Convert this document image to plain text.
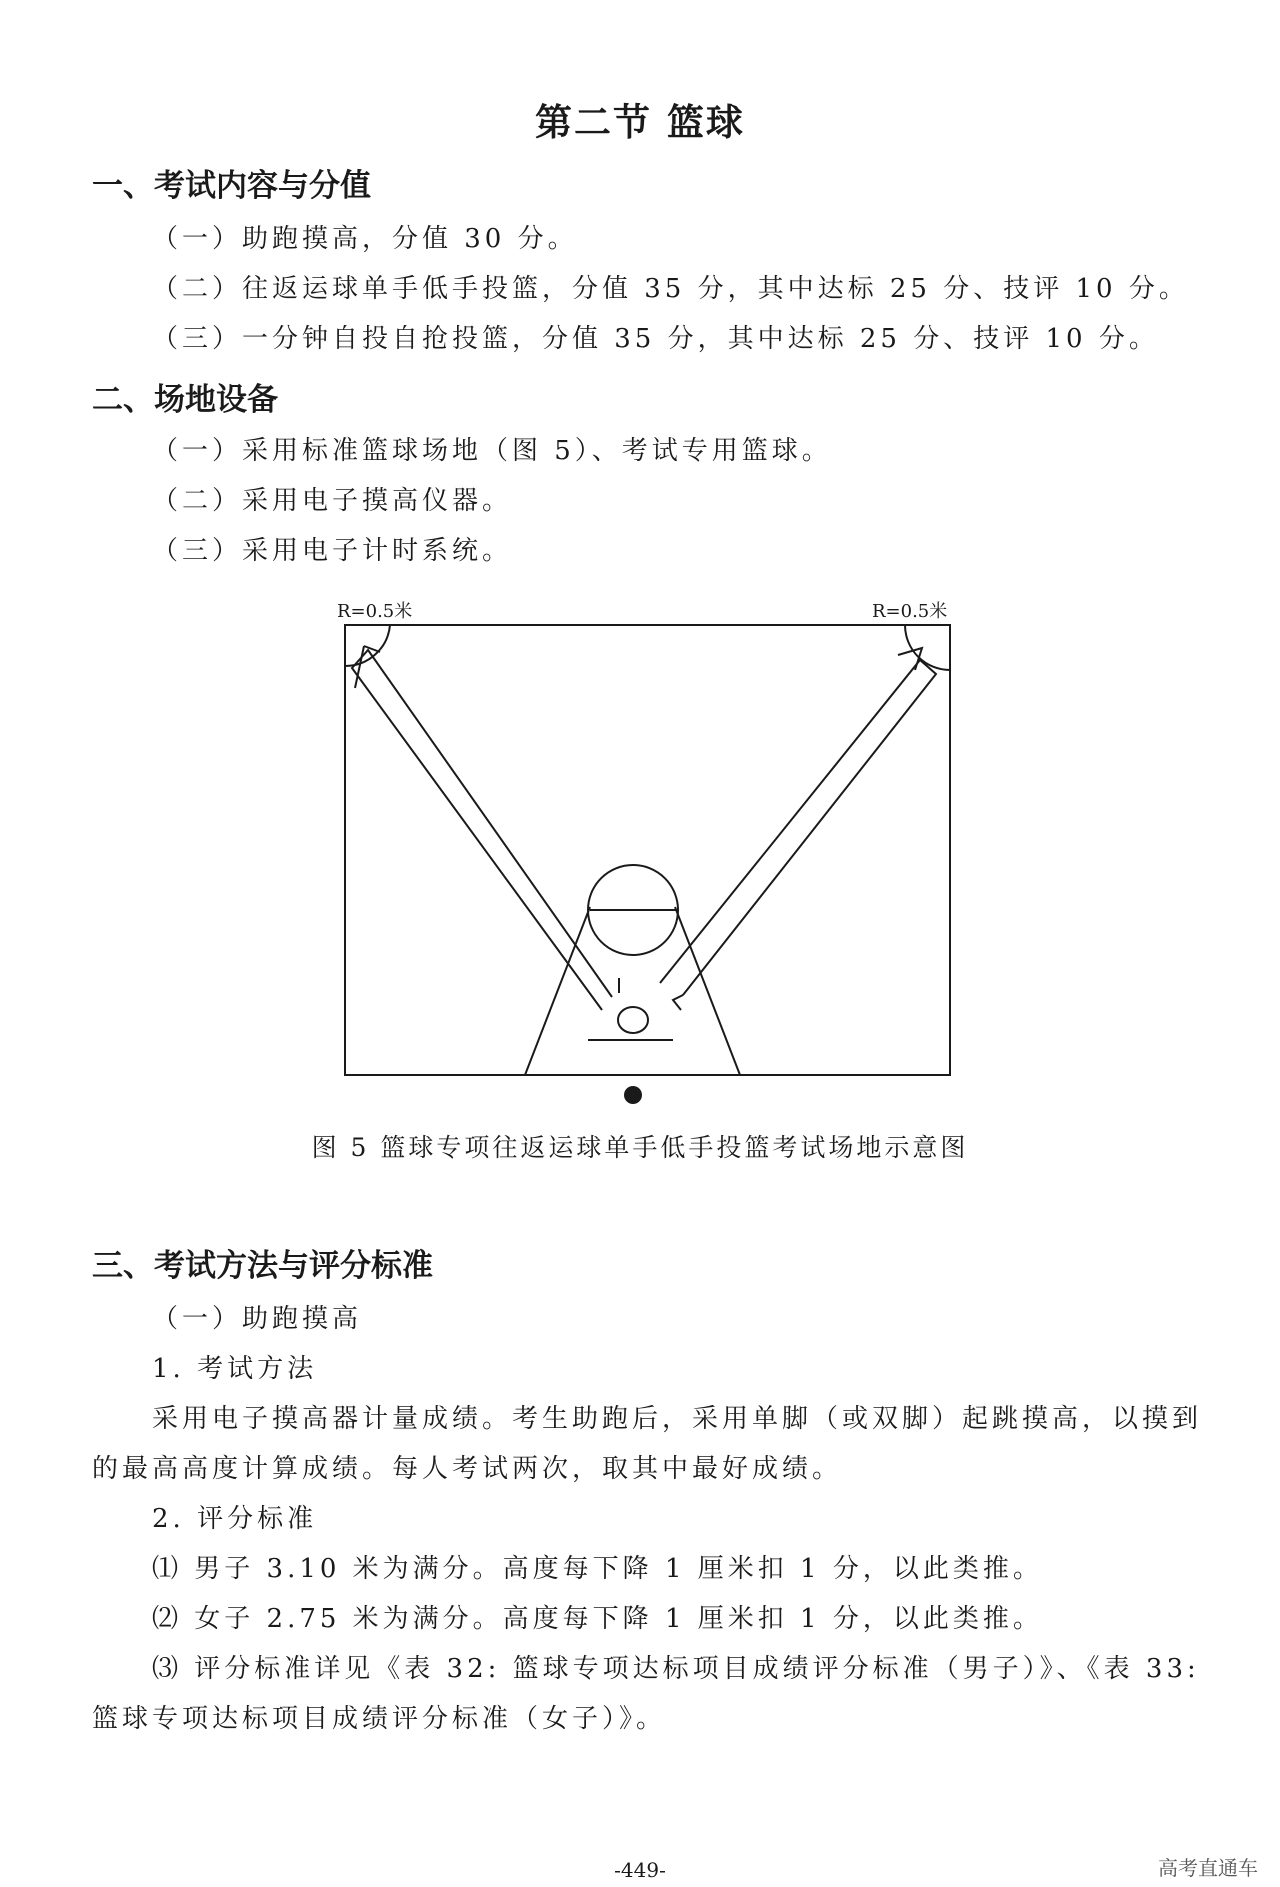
第二节 篮球
一、考试内容与分值
（一）助跑摸高，分值 30 分。
（二）往返运球单手低手投篮，分值 35 分，其中达标 25 分、技评 10 分。
（三）一分钟自投自抢投篮，分值 35 分，其中达标 25 分、技评 10 分。
二、场地设备
（一）采用标准篮球场地（图 5）、考试专用篮球。
（二）采用电子摸高仪器。
（三）采用电子计时系统。
R=0.5米	R=0.5米
图 5 篮球专项往返运球单手低手投篮考试场地示意图
三、考试方法与评分标准
（一）助跑摸高
1. 考试方法
采用电子摸高器计量成绩。考生助跑后，采用单脚（或双脚）起跳摸高，以摸到
的最高高度计算成绩。每人考试两次，取其中最好成绩。
2. 评分标准
⑴ 男子 3.10 米为满分。高度每下降 1 厘米扣 1 分，以此类推。
⑵ 女子 2.75 米为满分。高度每下降 1 厘米扣 1 分，以此类推。
⑶ 评分标准详见《表 32: 篮球专项达标项目成绩评分标准（男子）》、《表 33:
篮球专项达标项目成绩评分标准（女子）》。
-449-	高考直通车
